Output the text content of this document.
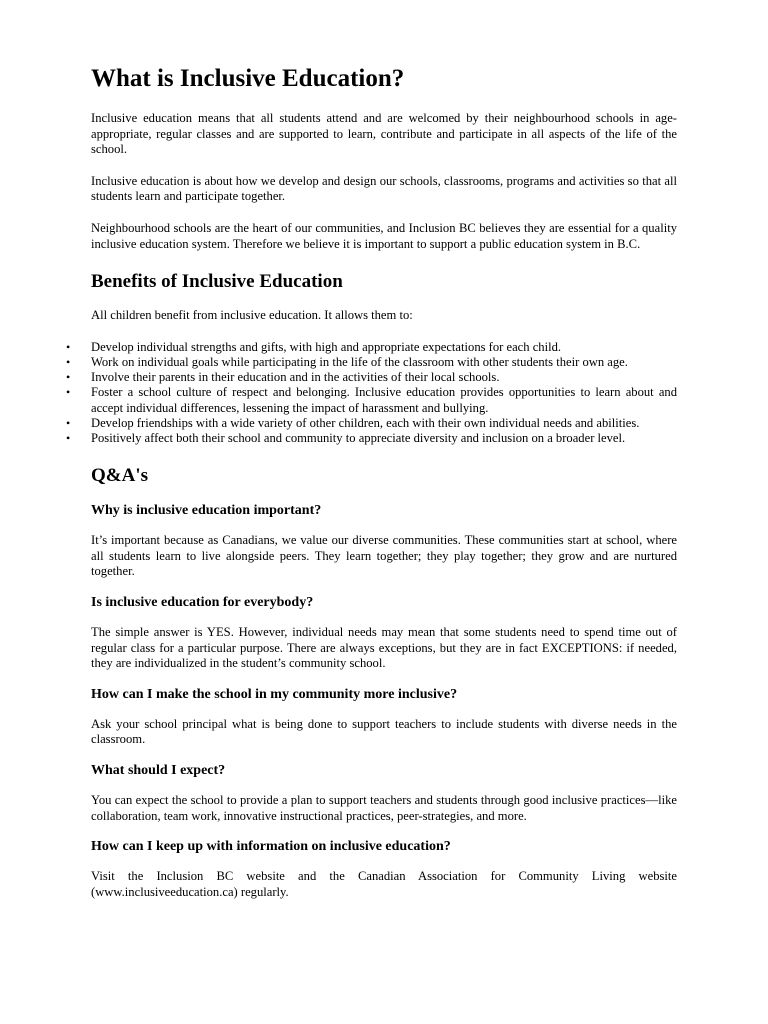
What is Inclusive Education?

Inclusive education means that all students attend and are welcomed by their neighbourhood schools in age-appropriate, regular classes and are supported to learn, contribute and participate in all aspects of the life of the school.

Inclusive education is about how we develop and design our schools, classrooms, programs and activities so that all students learn and participate together.

Neighbourhood schools are the heart of our communities, and Inclusion BC believes they are essential for a quality inclusive education system. Therefore we believe it is important to support a public education system in B.C.

Benefits of Inclusive Education

All children benefit from inclusive education. It allows them to:

• Develop individual strengths and gifts, with high and appropriate expectations for each child.
• Work on individual goals while participating in the life of the classroom with other students their own age.
• Involve their parents in their education and in the activities of their local schools.
• Foster a school culture of respect and belonging. Inclusive education provides opportunities to learn about and accept individual differences, lessening the impact of harassment and bullying.
• Develop friendships with a wide variety of other children, each with their own individual needs and abilities.
• Positively affect both their school and community to appreciate diversity and inclusion on a broader level.
Q&A's
Why is inclusive education important?

It’s important because as Canadians, we value our diverse communities. These communities start at school, where all students learn to live alongside peers. They learn together; they play together; they grow and are nurtured together.

Is inclusive education for everybody?

The simple answer is YES. However, individual needs may mean that some students need to spend time out of regular class for a particular purpose. There are always exceptions, but they are in fact EXCEPTIONS: if needed, they are individualized in the student’s community school.

How can I make the school in my community more inclusive?

Ask your school principal what is being done to support teachers to include students with diverse needs in the classroom.

What should I expect?

You can expect the school to provide a plan to support teachers and students through good inclusive practices—like collaboration, team work, innovative instructional practices, peer-strategies, and more.

How can I keep up with information on inclusive education?

Visit the Inclusion BC website and the Canadian Association for Community Living website (www.inclusiveeducation.ca) regularly.
